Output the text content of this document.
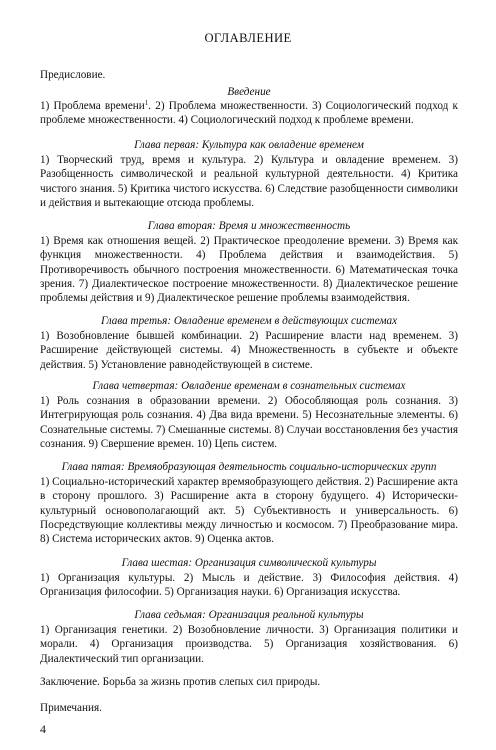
ОГЛАВЛЕНИЕ
Предисловие.
Введение

1) Проблема времени$^1$. 2) Проблема множественности. 3) Социологический подход к проблеме множественности. 4) Социологический подход к проблеме времени.

Глава первая: Культура как овладение временем

1) Творческий труд, время и культура. 2) Культура и овладение временем. 3) Разобщенность символической и реальной культурной деятельности. 4) Критика чистого знания. 5) Критика чистого искусства. 6) Следствие разобщенности символики и действия и вытекающие отсюда проблемы.

Глава вторая: Время и множественность

1) Время как отношения вещей. 2) Практическое преодоление времени. 3) Время как функция множественности. 4) Проблема действия и взаимодействия. 5) Противоречивость обычного построения множественности. 6) Математическая точка зрения. 7) Диалектическое построение множественности. 8) Диалектическое решение проблемы действия и 9) Диалектическое решение проблемы взаимодействия.

Глава третья: Овладение временем в действующих системах

1) Возобновление бывшей комбинации. 2) Расширение власти над временем. 3) Расширение действующей системы. 4) Множественность в субъекте и объекте действия. 5) Установление равнодействующей в системе.

Глава четвертая: Овладение временам в сознательных системах

1) Роль сознания в образовании времени. 2) Обособляющая роль сознания. 3) Интегрирующая роль сознания. 4) Два вида времени. 5) Несознательные элементы. 6) Сознательные системы. 7) Смешанные системы. 8) Случаи восстановления без участия сознания. 9) Свершение времен. 10) Цепь систем.

Глава пятая: Времяобразующая деятельность социально-исторических групп

1) Социально-исторический характер времяобразующего действия. 2) Расширение акта в сторону прошлого. 3) Расширение акта в сторону будущего. 4) Исторически-культурный основополагающий акт. 5) Субъективность и универсальность. 6) Посредствующие коллективы между личностью и космосом. 7) Преобразование мира. 8) Система исторических актов. 9) Оценка актов.

Глава шестая: Организация символической культуры

1) Организация культуры. 2) Мысль и действие. 3) Философия действия. 4) Организация философии. 5) Организация науки. 6) Организация искусства.

Глава седьмая: Организация реальной культуры

1) Организация генетики. 2) Возобновление личности. 3) Организация политики и морали. 4) Организация производства. 5) Организация хозяйствования. 6) Диалектический тип организации.

Заключение. Борьба за жизнь против слепых сил природы.
Примечания.
4
